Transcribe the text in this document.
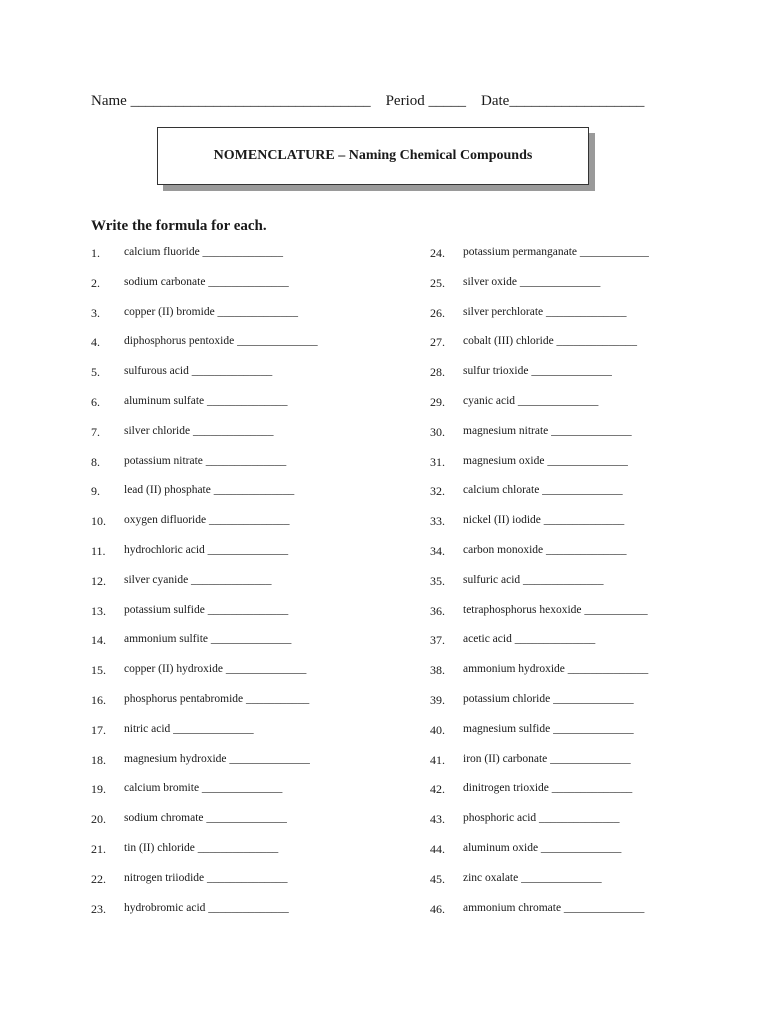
Name ________________________________ Period _____ Date__________________
NOMENCLATURE – Naming Chemical Compounds
Write the formula for each.
1.	calcium fluoride ______________
2.	sodium carbonate ______________
3.	copper (II) bromide ______________
4.	diphosphorus pentoxide ______________
5.	sulfurous acid ______________
6.	aluminum sulfate ______________
7.	silver chloride ______________
8.	potassium nitrate ______________
9.	lead (II) phosphate ______________
10.	oxygen difluoride ______________
11.	hydrochloric acid ______________
12.	silver cyanide ______________
13.	potassium sulfide ______________
14.	ammonium sulfite ______________
15.	copper (II) hydroxide ______________
16.	phosphorus pentabromide ___________
17.	nitric acid ______________
18.	magnesium hydroxide ______________
19.	calcium bromite ______________
20.	sodium chromate ______________
21.	tin (II) chloride ______________
22.	nitrogen triiodide ______________
23.	hydrobromic acid ______________
24.	potassium permanganate ____________
25.	silver oxide ______________
26.	silver perchlorate ______________
27.	cobalt (III) chloride ______________
28.	sulfur trioxide ______________
29.	cyanic acid ______________
30.	magnesium nitrate ______________
31.	magnesium oxide ______________
32.	calcium chlorate ______________
33.	nickel (II) iodide ______________
34.	carbon monoxide ______________
35.	sulfuric acid ______________
36.	tetraphosphorus hexoxide ___________
37.	acetic acid ______________
38.	ammonium hydroxide ______________
39.	potassium chloride ______________
40.	magnesium sulfide ______________
41.	iron (II) carbonate ______________
42.	dinitrogen trioxide ______________
43.	phosphoric acid ______________
44.	aluminum oxide ______________
45.	zinc oxalate ______________
46.	ammonium chromate ______________
